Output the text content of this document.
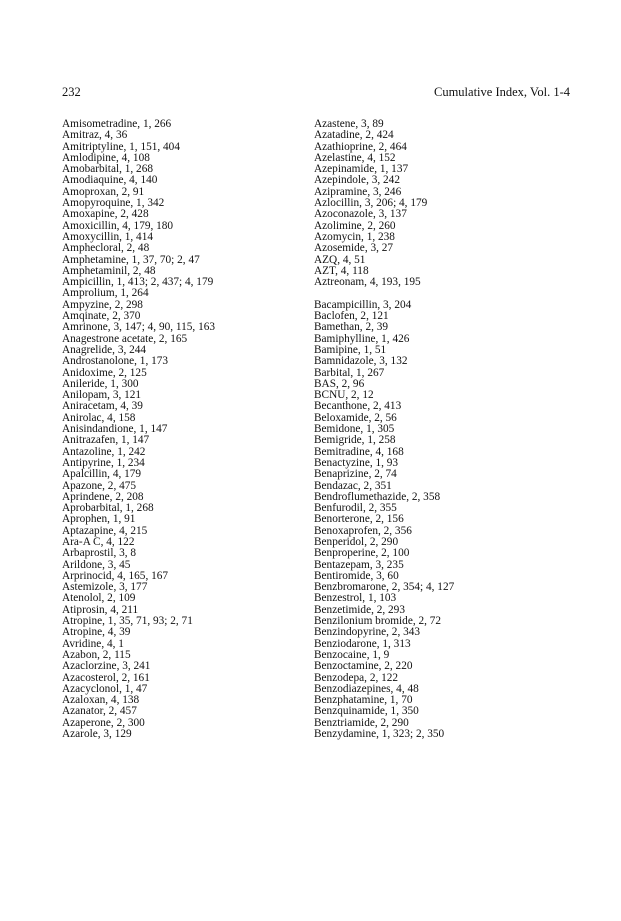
232	Cumulative Index, Vol. 1-4
Amisometradine, 1, 266
Amitraz, 4, 36
Amitriptyline, 1, 151, 404
Amlodipine, 4, 108
Amobarbital, 1, 268
Amodiaquine, 4, 140
Amoproxan, 2, 91
Amopyroquine, 1, 342
Amoxapine, 2, 428
Amoxicillin, 4, 179, 180
Amoxycillin, 1, 414
Amphecloral, 2, 48
Amphetamine, 1, 37, 70; 2, 47
Amphetaminil, 2, 48
Ampicillin, 1, 413; 2, 437; 4, 179
Amprolium, 1, 264
Ampyzine, 2, 298
Amqinate, 2, 370
Amrinone, 3, 147; 4, 90, 115, 163
Anagestrone acetate, 2, 165
Anagrelide, 3, 244
Androstanolone, 1, 173
Anidoxime, 2, 125
Anileride, 1, 300
Anilopam, 3, 121
Aniracetam, 4, 39
Anirolac, 4, 158
Anisindandione, 1, 147
Anitrazafen, 1, 147
Antazoline, 1, 242
Antipyrine, 1, 234
Apalcillin, 4, 179
Apazone, 2, 475
Aprindene, 2, 208
Aprobarbital, 1, 268
Aprophen, 1, 91
Aptazapine, 4, 215
Ara-A C, 4, 122
Arbaprostil, 3, 8
Arildone, 3, 45
Arprinocid, 4, 165, 167
Astemizole, 3, 177
Atenolol, 2, 109
Atiprosin, 4, 211
Atropine, 1, 35, 71, 93; 2, 71
Atropine, 4, 39
Avridine, 4, 1
Azabon, 2, 115
Azaclorzine, 3, 241
Azacosterol, 2, 161
Azacyclonol, 1, 47
Azaloxan, 4, 138
Azanator, 2, 457
Azaperone, 2, 300
Azarole, 3, 129
Azastene, 3, 89
Azatadine, 2, 424
Azathioprine, 2, 464
Azelastine, 4, 152
Azepinamide, 1, 137
Azepindole, 3, 242
Azipramine, 3, 246
Azlocillin, 3, 206; 4, 179
Azoconazole, 3, 137
Azolimine, 2, 260
Azomycin, 1, 238
Azosemide, 3, 27
AZQ, 4, 51
AZT, 4, 118
Aztreonam, 4, 193, 195
Bacampicillin, 3, 204
Baclofen, 2, 121
Bamethan, 2, 39
Bamiphylline, 1, 426
Bamipine, 1, 51
Bamnidazole, 3, 132
Barbital, 1, 267
BAS, 2, 96
BCNU, 2, 12
Becanthone, 2, 413
Beloxamide, 2, 56
Bemidone, 1, 305
Bemigride, 1, 258
Bemitradine, 4, 168
Benactyzine, 1, 93
Benaprizine, 2, 74
Bendazac, 2, 351
Bendroflumethazide, 2, 358
Benfurodil, 2, 355
Benorterone, 2, 156
Benoxaprofen, 2, 356
Benperidol, 2, 290
Benproperine, 2, 100
Bentazepam, 3, 235
Bentiromide, 3, 60
Benzbromarone, 2, 354; 4, 127
Benzestrol, 1, 103
Benzetimide, 2, 293
Benzilonium bromide, 2, 72
Benzindopyrine, 2, 343
Benziodarone, 1, 313
Benzocaine, 1, 9
Benzoctamine, 2, 220
Benzodepa, 2, 122
Benzodiazepines, 4, 48
Benzphatamine, 1, 70
Benzquinamide, 1, 350
Benztriamide, 2, 290
Benzydamine, 1, 323; 2, 350
